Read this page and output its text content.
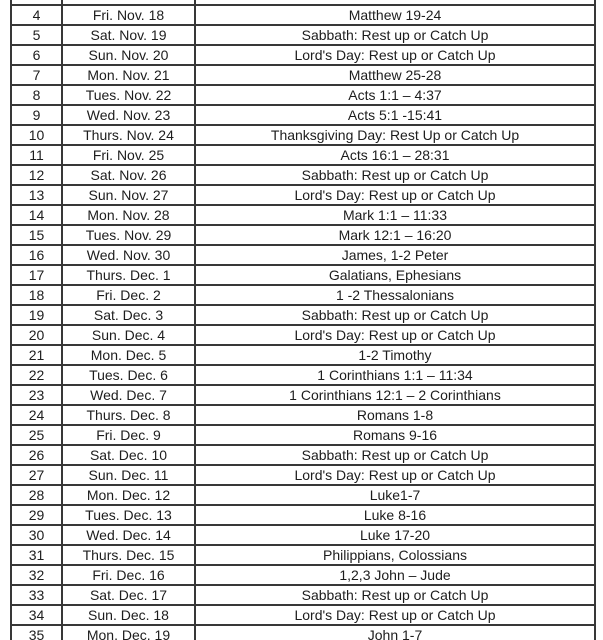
4	Fri. Nov. 18	Matthew 19-24
5	Sat. Nov. 19	Sabbath: Rest up or Catch Up
6	Sun. Nov. 20	Lord's Day: Rest up or Catch Up
7	Mon. Nov. 21	Matthew 25-28
8	Tues. Nov. 22	Acts 1:1 – 4:37
9	Wed. Nov. 23	Acts 5:1 -15:41
10	Thurs. Nov. 24	Thanksgiving Day: Rest Up or Catch Up
11	Fri. Nov. 25	Acts 16:1 – 28:31
12	Sat. Nov. 26	Sabbath: Rest up or Catch Up
13	Sun. Nov. 27	Lord's Day: Rest up or Catch Up
14	Mon. Nov. 28	Mark 1:1 – 11:33
15	Tues. Nov. 29	Mark 12:1 – 16:20
16	Wed. Nov. 30	James, 1-2 Peter
17	Thurs. Dec. 1	Galatians, Ephesians
18	Fri. Dec. 2	1 -2 Thessalonians
19	Sat. Dec. 3	Sabbath: Rest up or Catch Up
20	Sun. Dec. 4	Lord's Day: Rest up or Catch Up
21	Mon. Dec. 5	1-2 Timothy
22	Tues. Dec. 6	1 Corinthians 1:1 – 11:34
23	Wed. Dec. 7	1 Corinthians 12:1 – 2 Corinthians
24	Thurs. Dec. 8	Romans 1-8
25	Fri. Dec. 9	Romans 9-16
26	Sat. Dec. 10	Sabbath: Rest up or Catch Up
27	Sun. Dec. 11	Lord's Day: Rest up or Catch Up
28	Mon. Dec. 12	Luke1-7
29	Tues. Dec. 13	Luke 8-16
30	Wed. Dec. 14	Luke 17-20
31	Thurs. Dec. 15	Philippians, Colossians
32	Fri. Dec. 16	1,2,3 John – Jude
33	Sat. Dec. 17	Sabbath: Rest up or Catch Up
34	Sun. Dec. 18	Lord's Day: Rest up or Catch Up
35	Mon. Dec. 19	John 1-7
